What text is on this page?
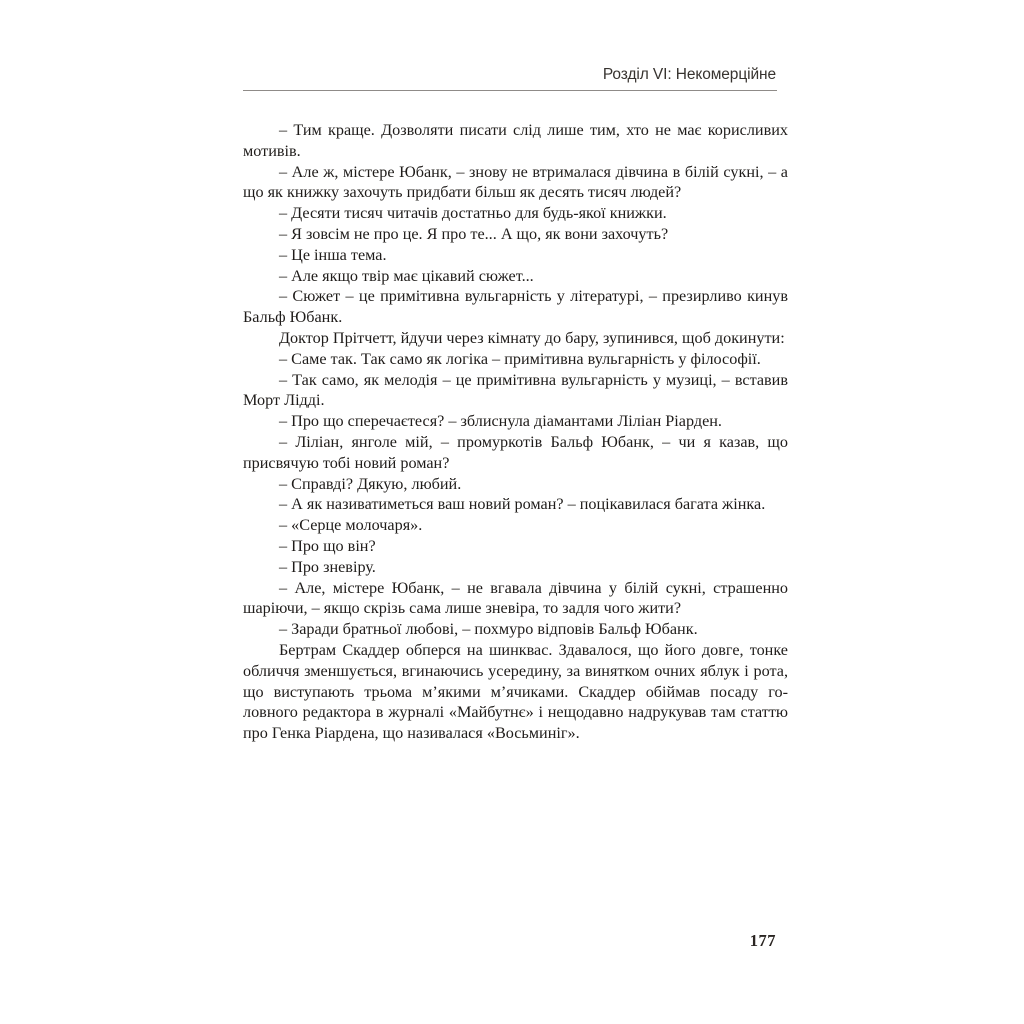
Розділ VI: Некомерційне

– Тим краще. Дозволяти писати слід лише тим, хто не має корисливих мотивів.

– Але ж, містере Юбанк, – знову не втрималася дівчина в білій сукні, – а що як книжку захочуть придбати більш як десять тисяч людей?

– Десяти тисяч читачів достатньо для будь-якої книжки.

– Я зовсім не про це. Я про те... А що, як вони захочуть?

– Це інша тема.

– Але якщо твір має цікавий сюжет...

– Сюжет – це примітивна вульгарність у літературі, – презирливо кинув Бальф Юбанк.

Доктор Прітчетт, йдучи через кімнату до бару, зупинився, щоб докинути:

– Саме так. Так само як логіка – примітивна вульгарність у філософії.

– Так само, як мелодія – це примітивна вульгарність у музиці, – вставив Морт Лідді.

– Про що сперечаєтеся? – зблиснула діамантами Ліліан Ріарден.

– Ліліан, янголе мій, – промуркотів Бальф Юбанк, – чи я казав, що присвячую тобі новий роман?

– Справді? Дякую, любий.

– А як називатиметься ваш новий роман? – поцікавилася багата жінка.

– «Серце молочаря».

– Про що він?

– Про зневіру.

– Але, містере Юбанк, – не вгавала дівчина у білій сукні, страшенно шаріючи, – якщо скрізь сама лише зневіра, то задля чого жити?

– Заради братньої любові, – похмуро відповів Бальф Юбанк.

Бертрам Скаддер обперся на шинквас. Здавалося, що його довге, тонке обличчя зменшується, вгинаючись усередину, за винятком очних яблук і рота, що виступають трьома м’якими м’ячиками. Скаддер обіймав посаду головного редактора в журналі «Майбутнє» і нещодавно надрукував там статтю про Генка Ріардена, що називалася «Восьминіг».

177
